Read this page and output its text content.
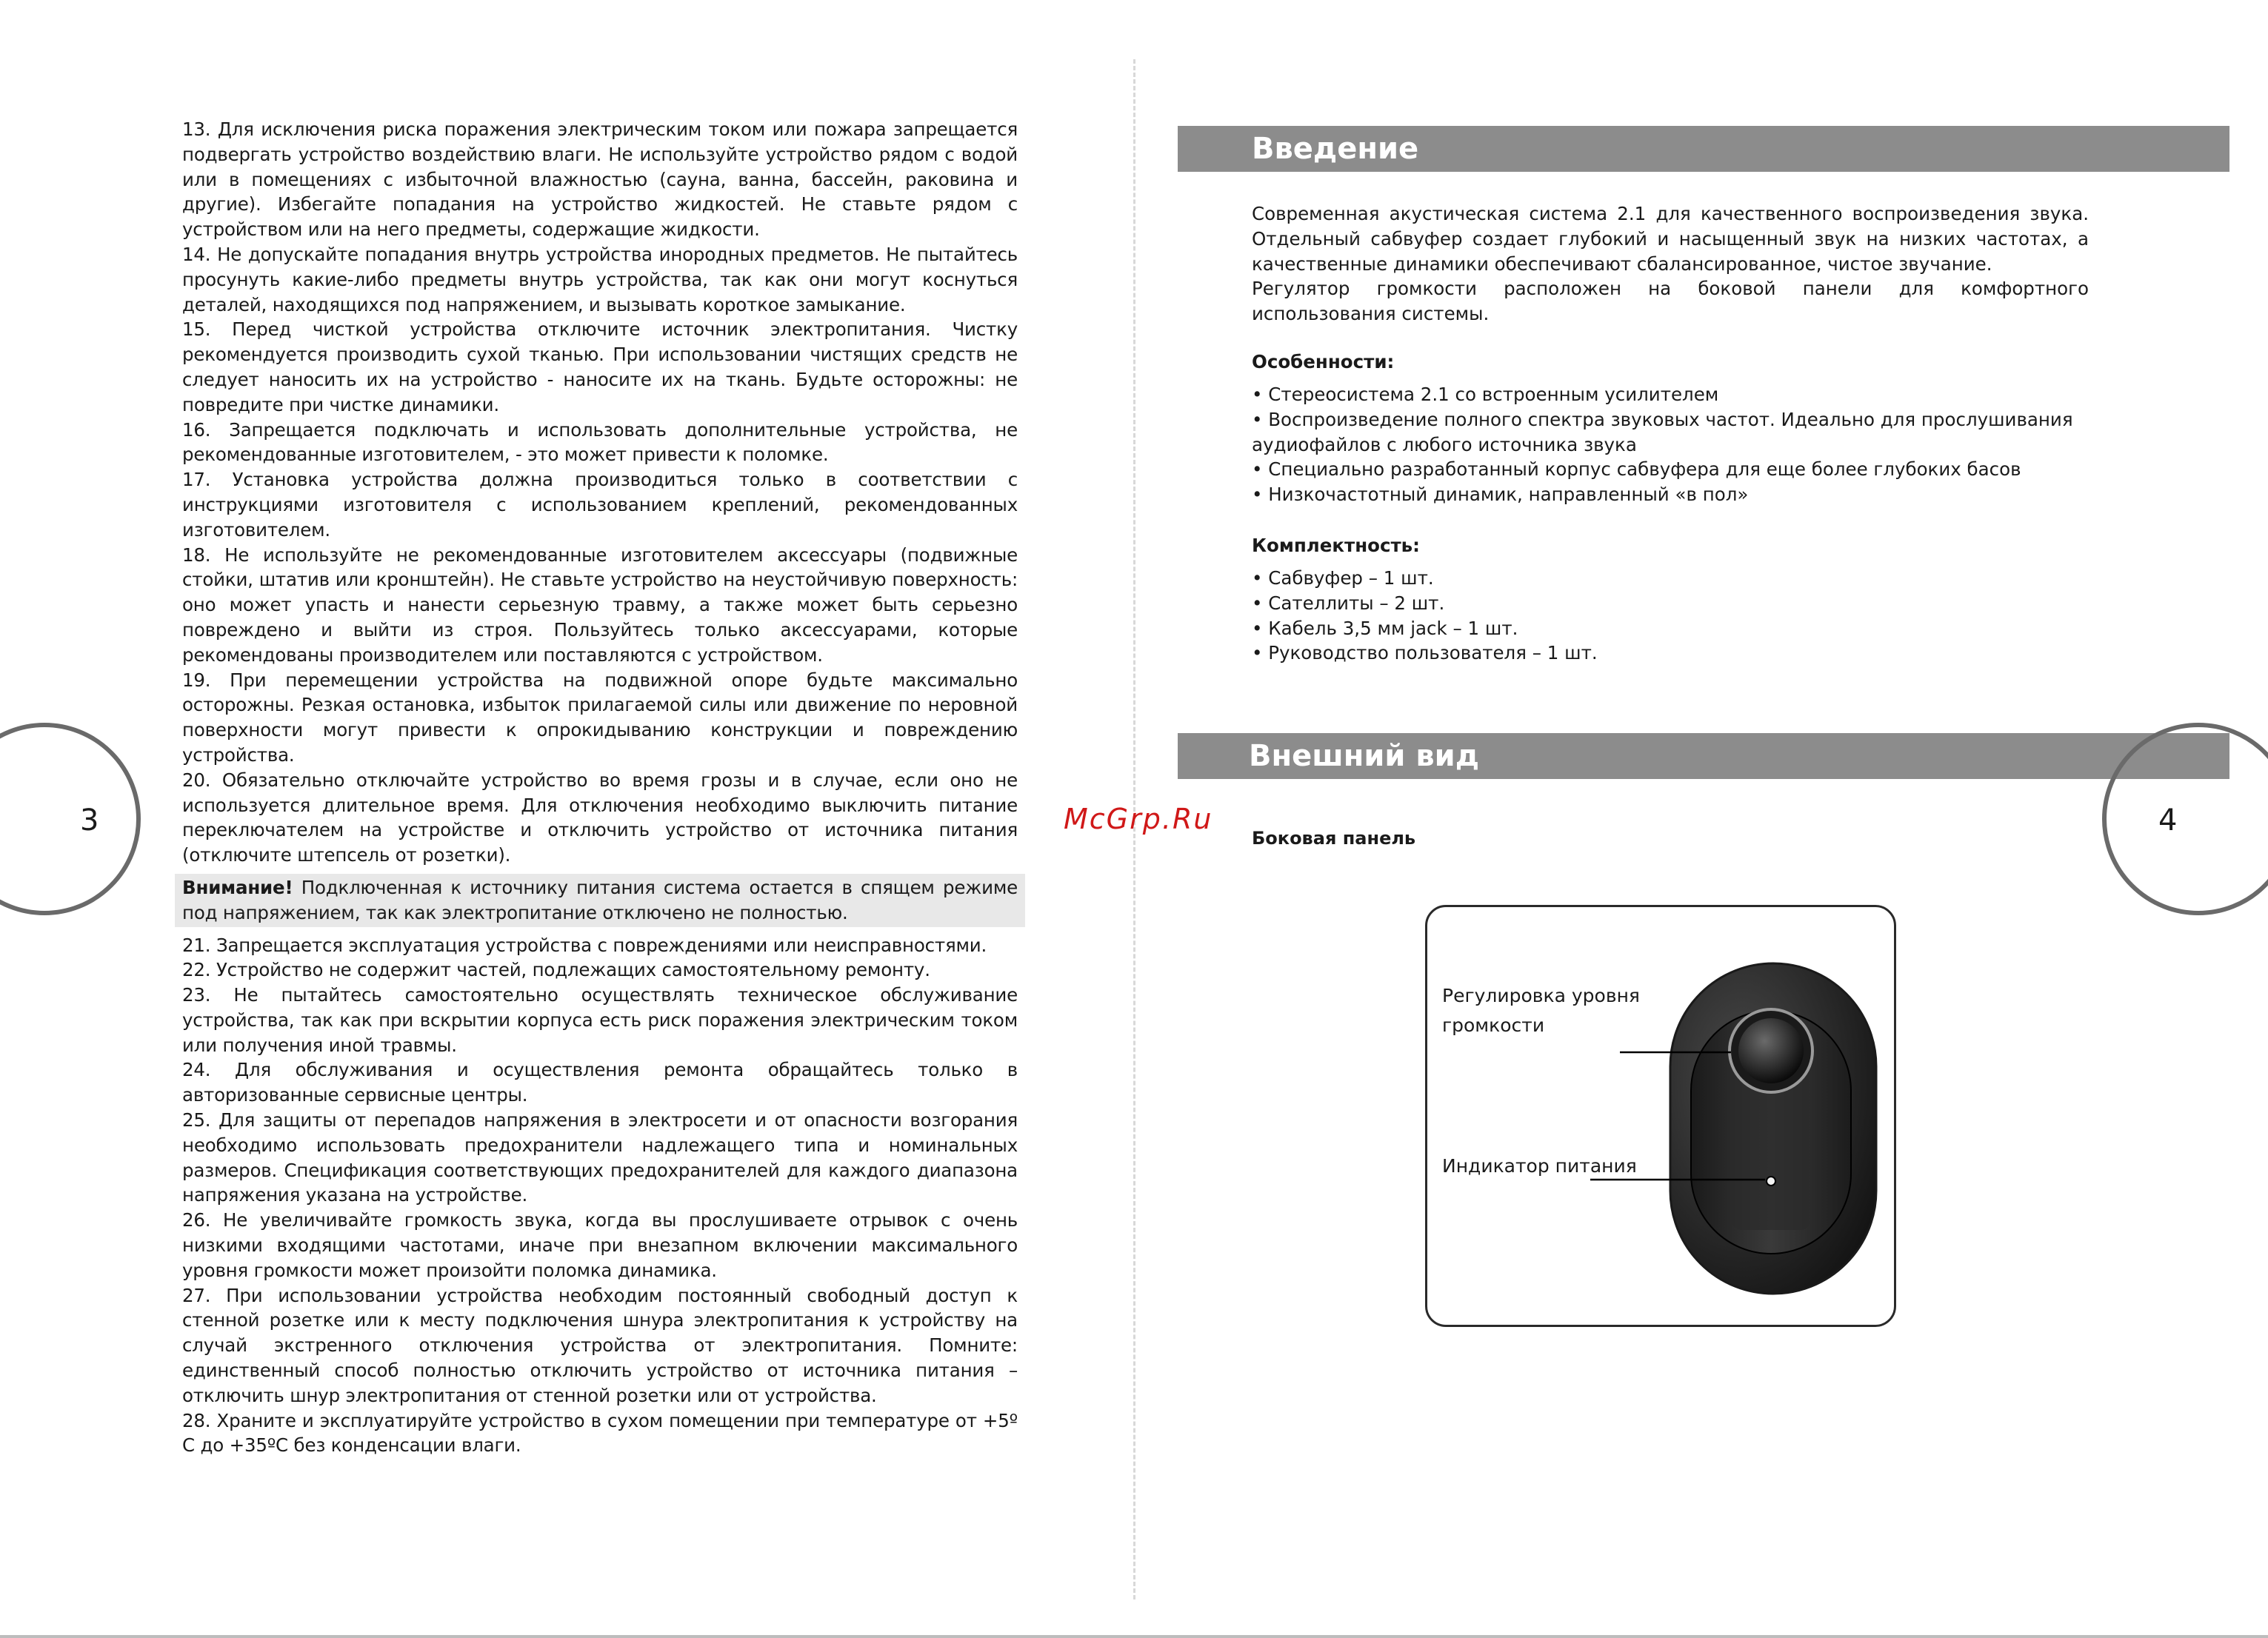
13. Для исключения риска поражения электрическим током или пожара запрещается подвергать устройство воздействию влаги. Не используйте устройство рядом с водой или в помещениях с избыточной влажностью (сауна, ванна, бассейн, раковина и другие). Избегайте попадания на устройство жидкостей. Не ставьте рядом с устройством или на него предметы, содержащие жидкости.

14. Не допускайте попадания внутрь устройства инородных предметов. Не пытайтесь просунуть какие-либо предметы внутрь устройства, так как они могут коснуться деталей, находящихся под напряжением, и вызывать короткое замыкание.

15. Перед чисткой устройства отключите источник электропитания. Чистку рекомендуется производить сухой тканью. При использовании чистящих средств не следует наносить их на устройство - наносите их на ткань. Будьте осторожны: не повредите при чистке динамики.

16. Запрещается подключать и использовать дополнительные устройства, не рекомендованные изготовителем, - это может привести к поломке.

17. Установка устройства должна производиться только в соответствии с инструкциями изготовителя с использованием креплений, рекомендованных изготовителем.

18. Не используйте не рекомендованные изготовителем аксессуары (подвижные стойки, штатив или кронштейн). Не ставьте устройство на неустойчивую поверхность: оно может упасть и нанести серьезную травму, а также может быть серьезно повреждено и выйти из строя. Пользуйтесь только аксессуарами, которые рекомендованы производителем или поставляются с устройством.

19. При перемещении устройства на подвижной опоре будьте максимально осторожны. Резкая остановка, избыток прилагаемой силы или движение по неровной поверхности могут привести к опрокидыванию конструкции и повреждению устройства.

20. Обязательно отключайте устройство во время грозы и в случае, если оно не используется длительное время. Для отключения необходимо выключить питание переключателем на устройстве и отключить устройство от источника питания (отключите штепсель от розетки).

Внимание! Подключенная к источнику питания система остается в спящем режиме под напряжением, так как электропитание отключено не полностью.

21. Запрещается эксплуатация устройства с повреждениями или неисправностями.

22. Устройство не содержит частей, подлежащих самостоятельному ремонту.

23. Не пытайтесь самостоятельно осуществлять техническое обслуживание устройства, так как при вскрытии корпуса есть риск поражения электрическим током или получения иной травмы.

24. Для обслуживания и осуществления ремонта обращайтесь только в авторизованные сервисные центры.

25. Для защиты от перепадов напряжения в электросети и от опасности возгорания необходимо использовать предохранители надлежащего типа и номинальных размеров. Спецификация соответствующих предохранителей для каждого диапазона напряжения указана на устройстве.

26. Не увеличивайте громкость звука, когда вы прослушиваете отрывок с очень низкими входящими частотами, иначе при внезапном включении максимального уровня громкости может произойти поломка динамика.

27. При использовании устройства необходим постоянный свободный доступ к стенной розетке или к месту подключения шнура электропитания к устройству на случай экстренного отключения устройства от электропитания. Помните: единственный способ полностью отключить устройство от источника питания – отключить шнур электропитания от стенной розетки или от устройства.

28. Храните и эксплуатируйте устройство в сухом помещении при температуре от +5º С до +35ºС без конденсации влаги.

3	McGrp.Ru
Введение

Современная акустическая система 2.1 для качественного воспроизведения звука. Отдельный сабвуфер создает глубокий и насыщенный звук на низких частотах, а качественные динамики обеспечивают сбалансированное, чистое звучание.

Регулятор громкости расположен на боковой панели для комфортного использования системы.

Особенности:
• Стереосистема 2.1 со встроенным усилителем
• Воспроизведение полного спектра звуковых частот. Идеально для прослушивания аудиофайлов с любого источника звука
• Специально разработанный корпус сабвуфера для еще более глубоких басов
• Низкочастотный динамик, направленный «в пол»
Комплектность:
• Сабвуфер – 1 шт.
• Сателлиты – 2 шт.
• Кабель 3,5 мм jack – 1 шт.
• Руководство пользователя – 1 шт.
Внешний вид
Боковая панель
4
Регулировка уровня
громкости
Индикатор питания
